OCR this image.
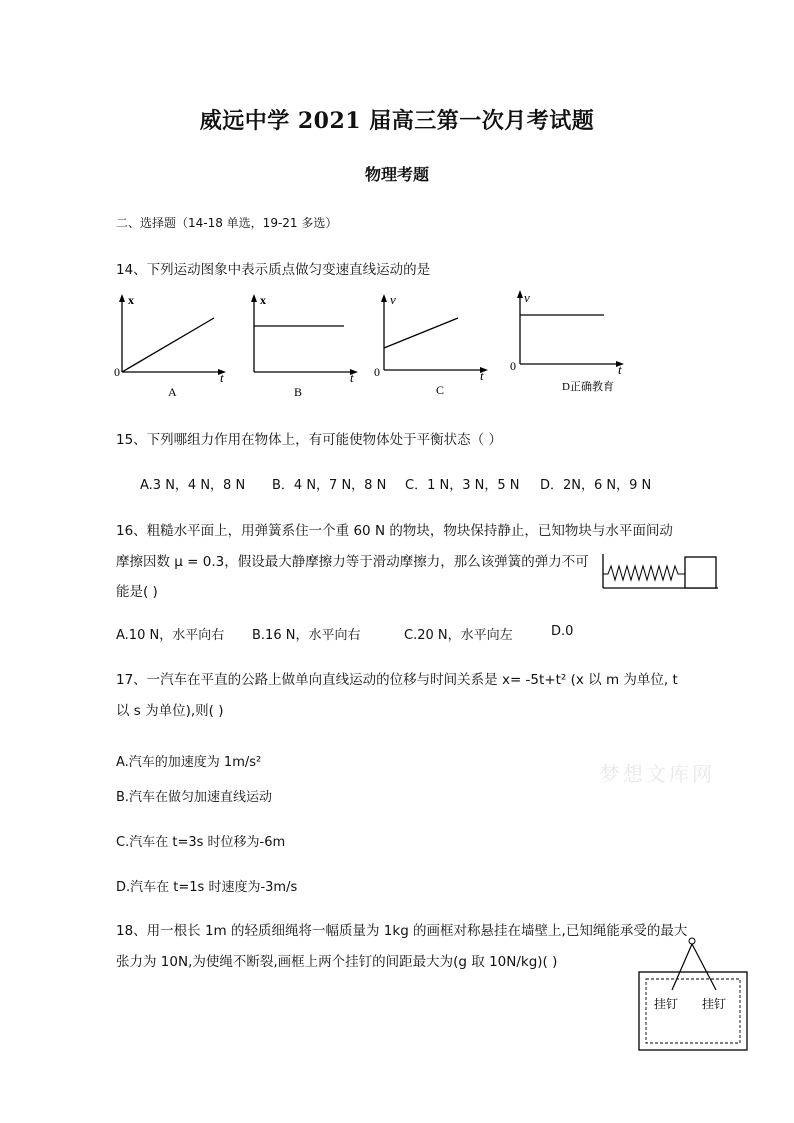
威远中学 2021 届高三第一次月考试题
物理考题
二、选择题（14-18 单选，19-21 多选）
14、下列运动图象中表示质点做匀变速直线运动的是
x
t
0
A
x
t
B
ν
t
0
C
ν
t
0
D正确教育
15、下列哪组力作用在物体上，有可能使物体处于平衡状态（ ）
A.3 N，4 N，8 N B．4 N，7 N，8 N C．1 N，3 N，5 N D．2N，6 N，9 N
16、粗糙水平面上，用弹簧系住一个重 60 N 的物块，物块保持静止，已知物块与水平面间动
摩擦因数 μ = 0.3，假设最大静摩擦力等于滑动摩擦力，那么该弹簧的弹力不可
能是( )
A.10 N，水平向右 B.16 N，水平向右	C.20 N，水平向左	D.0
17、一汽车在平直的公路上做单向直线运动的位移与时间关系是 x= -5t+t² (x 以 m 为单位, t
以 s 为单位),则( )
A.汽车的加速度为 1m/s²
B.汽车在做匀加速直线运动
C.汽车在 t=3s 时位移为-6m
D.汽车在 t=1s 时速度为-3m/s
梦想文库网
18、用一根长 1m 的轻质细绳将一幅质量为 1kg 的画框对称悬挂在墙壁上,已知绳能承受的最大
张力为 10N,为使绳不断裂,画框上两个挂钉的间距最大为(g 取 10N/kg)( )
挂钉 挂钉
